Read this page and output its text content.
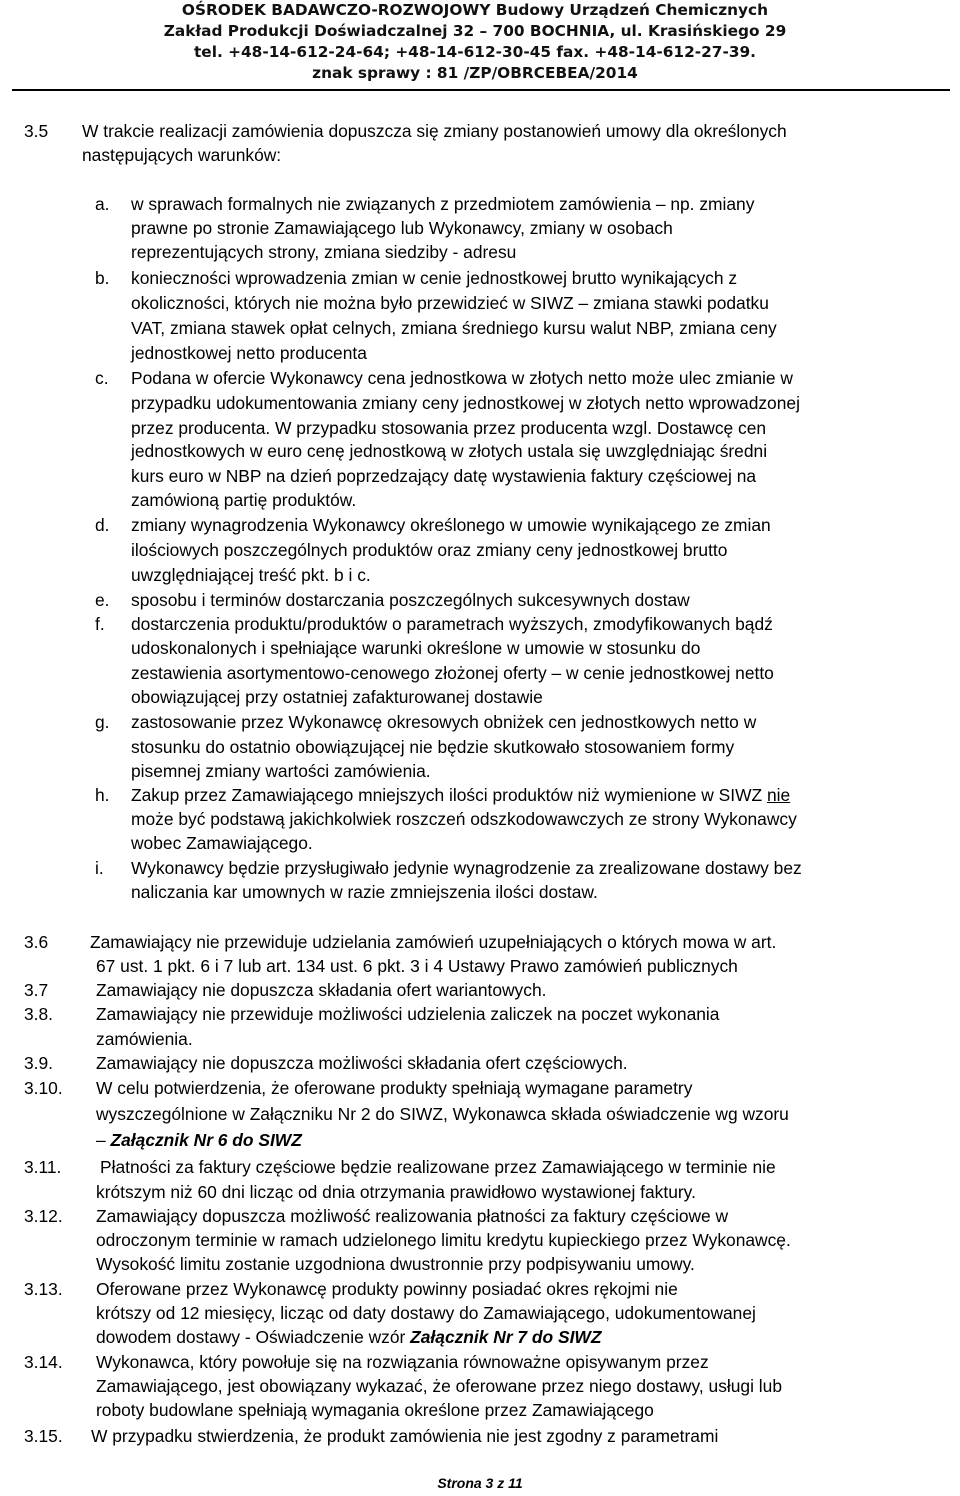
OŚRODEK BADAWCZO-ROZWOJOWY Budowy Urządzeń Chemicznych
Zakład Produkcji Doświadczalnej 32 – 700 BOCHNIA, ul. Krasińskiego 29
tel. +48-14-612-24-64; +48-14-612-30-45 fax. +48-14-612-27-39.
znak sprawy : 81 /ZP/OBRCEBEA/2014
3.5 W trakcie realizacji zamówienia dopuszcza się zmiany postanowień umowy dla określonych
następujących warunków:
a. w sprawach formalnych nie związanych z przedmiotem zamówienia – np. zmiany
prawne po stronie Zamawiającego lub Wykonawcy, zmiany w osobach
reprezentujących strony, zmiana siedziby - adresu
b. konieczności wprowadzenia zmian w cenie jednostkowej brutto wynikających z
okoliczności, których nie można było przewidzieć w SIWZ – zmiana stawki podatku
VAT, zmiana stawek opłat celnych, zmiana średniego kursu walut NBP, zmiana ceny
jednostkowej netto producenta
c. Podana w ofercie Wykonawcy cena jednostkowa w złotych netto może ulec zmianie w
przypadku udokumentowania zmiany ceny jednostkowej w złotych netto wprowadzonej
przez producenta. W przypadku stosowania przez producenta wzgl. Dostawcę cen
jednostkowych w euro cenę jednostkową w złotych ustala się uwzględniając średni
kurs euro w NBP na dzień poprzedzający datę wystawienia faktury częściowej na
zamówioną partię produktów.
d. zmiany wynagrodzenia Wykonawcy określonego w umowie wynikającego ze zmian
ilościowych poszczególnych produktów oraz zmiany ceny jednostkowej brutto
uwzględniającej treść pkt. b i c.
e. sposobu i terminów dostarczania poszczególnych sukcesywnych dostaw
f. dostarczenia produktu/produktów o parametrach wyższych, zmodyfikowanych bądź
udoskonalonych i spełniające warunki określone w umowie w stosunku do
zestawienia asortymentowo-cenowego złożonej oferty – w cenie jednostkowej netto
obowiązującej przy ostatniej zafakturowanej dostawie
g. zastosowanie przez Wykonawcę okresowych obniżek cen jednostkowych netto w
stosunku do ostatnio obowiązującej nie będzie skutkowało stosowaniem formy
pisemnej zmiany wartości zamówienia.
h. Zakup przez Zamawiającego mniejszych ilości produktów niż wymienione w SIWZ nie
może być podstawą jakichkolwiek roszczeń odszkodowawczych ze strony Wykonawcy
wobec Zamawiającego.
i. Wykonawcy będzie przysługiwało jedynie wynagrodzenie za zrealizowane dostawy bez
naliczania kar umownych w razie zmniejszenia ilości dostaw.
3.6 Zamawiający nie przewiduje udzielania zamówień uzupełniających o których mowa w art.
67 ust. 1 pkt. 6 i 7 lub art. 134 ust. 6 pkt. 3 i 4 Ustawy Prawo zamówień publicznych
3.7	Zamawiający nie dopuszcza składania ofert wariantowych.
3.8. Zamawiający nie przewiduje możliwości udzielenia zaliczek na poczet wykonania
zamówienia.
3.9. Zamawiający nie dopuszcza możliwości składania ofert częściowych.
3.10. W celu potwierdzenia, że oferowane produkty spełniają wymagane parametry
wyszczególnione w Załączniku Nr 2 do SIWZ, Wykonawca składa oświadczenie wg wzoru
– Załącznik Nr 6 do SIWZ
3.11. Płatności za faktury częściowe będzie realizowane przez Zamawiającego w terminie nie
krótszym niż 60 dni licząc od dnia otrzymania prawidłowo wystawionej faktury.
3.12. Zamawiający dopuszcza możliwość realizowania płatności za faktury częściowe w
odroczonym terminie w ramach udzielonego limitu kredytu kupieckiego przez Wykonawcę.
Wysokość limitu zostanie uzgodniona dwustronnie przy podpisywaniu umowy.
3.13. Oferowane przez Wykonawcę produkty powinny posiadać okres rękojmi nie
krótszy od 12 miesięcy, licząc od daty dostawy do Zamawiającego, udokumentowanej
dowodem dostawy - Oświadczenie wzór Załącznik Nr 7 do SIWZ
3.14. Wykonawca, który powołuje się na rozwiązania równoważne opisywanym przez
Zamawiającego, jest obowiązany wykazać, że oferowane przez niego dostawy, usługi lub
roboty budowlane spełniają wymagania określone przez Zamawiającego
3.15. W przypadku stwierdzenia, że produkt zamówienia nie jest zgodny z parametrami
Strona 3 z 11
